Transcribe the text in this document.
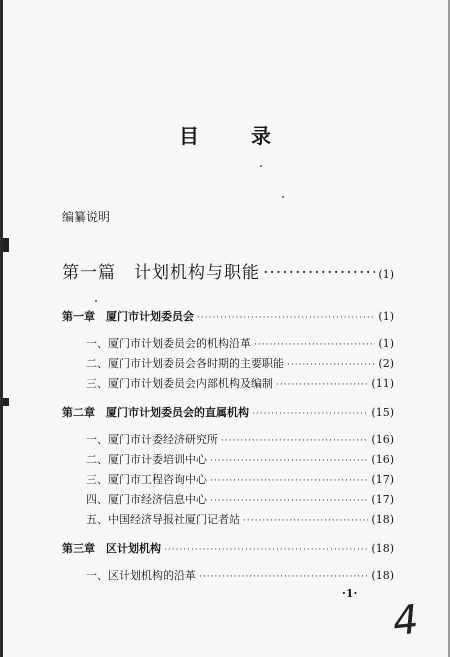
目　录
编纂说明
第一篇　计划机构与职能 ·····	(1)
第一章　厦门市计划委员会 ·····	(1)
一、厦门市计划委员会的机构沿革 ·····	(1)
二、厦门市计划委员会各时期的主要职能 ·····	(2)
三、厦门市计划委员会内部机构及编制 ·····	(11)
第二章　厦门市计划委员会的直属机构 ·····	(15)
一、厦门市计委经济研究所 ·····	(16)
二、厦门市计委培训中心 ·····	(16)
三、厦门市工程咨询中心 ·····	(17)
四、厦门市经济信息中心 ·····	(17)
五、中国经济导报社厦门记者站 ·····	(18)
第三章　区计划机构 ·····	(18)
一、区计划机构的沿革 ·····	(18)
·1·
4
